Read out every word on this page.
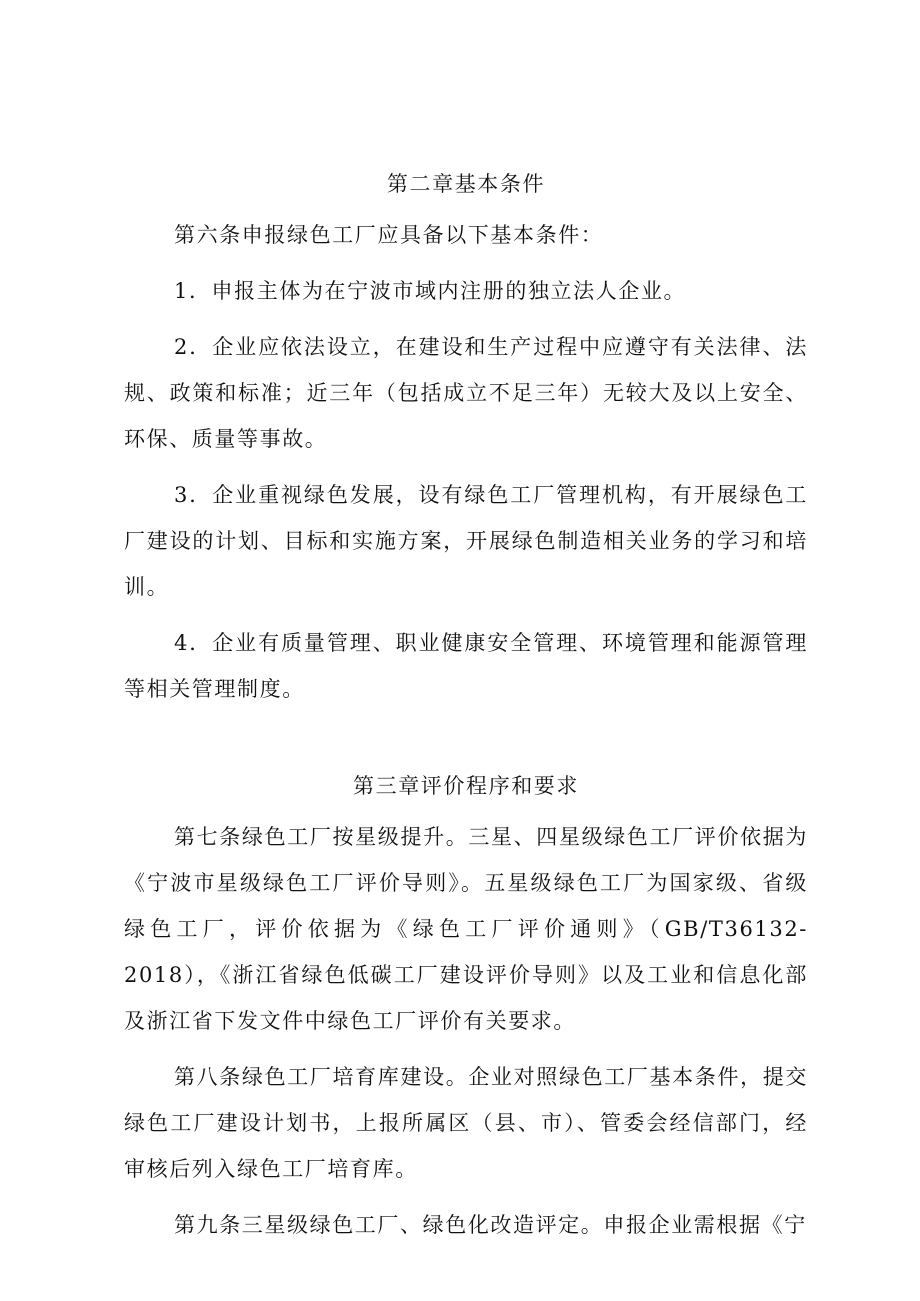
第二章基本条件

第六条申报绿色工厂应具备以下基本条件：

1．申报主体为在宁波市域内注册的独立法人企业。

2．企业应依法设立，在建设和生产过程中应遵守有关法律、法规、政策和标准；近三年（包括成立不足三年）无较大及以上安全、环保、质量等事故。

3．企业重视绿色发展，设有绿色工厂管理机构，有开展绿色工厂建设的计划、目标和实施方案，开展绿色制造相关业务的学习和培训。

4．企业有质量管理、职业健康安全管理、环境管理和能源管理等相关管理制度。

第三章评价程序和要求

第七条绿色工厂按星级提升。三星、四星级绿色工厂评价依据为《宁波市星级绿色工厂评价导则》。五星级绿色工厂为国家级、省级绿色工厂，评价依据为《绿色工厂评价通则》（GB/T36132-2018），《浙江省绿色低碳工厂建设评价导则》以及工业和信息化部及浙江省下发文件中绿色工厂评价有关要求。

第八条绿色工厂培育库建设。企业对照绿色工厂基本条件，提交绿色工厂建设计划书，上报所属区（县、市）、管委会经信部门，经审核后列入绿色工厂培育库。

第九条三星级绿色工厂、绿色化改造评定。申报企业需根据《宁
